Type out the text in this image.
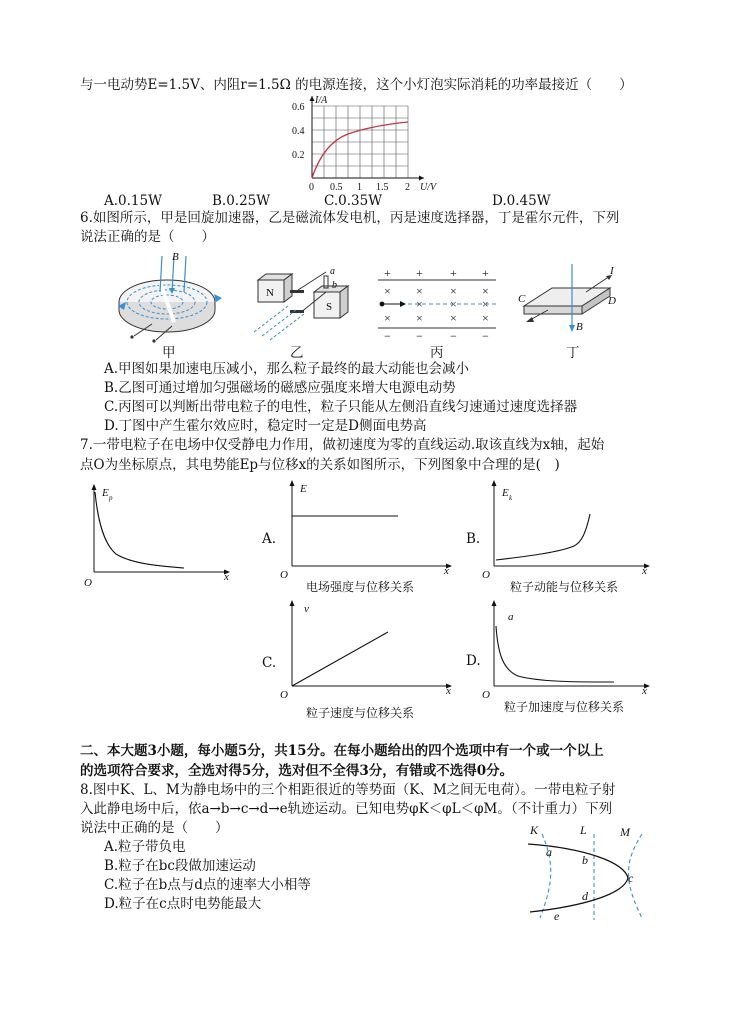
与一电动势E=1.5V、内阻r=1.5Ω 的电源连接，这个小灯泡实际消耗的功率最接近（　　）
I/A
0.6
0.4
0.2
0 0.5 1 1.5 2 U/V
A.0.15W	B.0.25W	C.0.35W	D.0.45W
6.如图所示，甲是回旋加速器，乙是磁流体发电机，丙是速度选择器，丁是霍尔元件，下列
说法正确的是（　　）
B
N
S
a
b
+ + + +
− − − −
× × × ×
× × ×
× × × ×
I
C	D
B
甲	乙	丙	丁
A.甲图如果加速电压减小，那么粒子最终的最大动能也会减小
B.乙图可通过增加匀强磁场的磁感应强度来增大电源电动势
C.丙图可以判断出带电粒子的电性，粒子只能从左侧沿直线匀速通过速度选择器
D.丁图中产生霍尔效应时，稳定时一定是D侧面电势高
7.一带电粒子在电场中仅受静电力作用，做初速度为零的直线运动.取该直线为x轴，起始
点O为坐标原点，其电势能Ep与位移x的关系如图所示，下列图象中合理的是(　)
E p
O	x
A.
E
O	x
电场强度与位移关系
B.
E k
O	x
粒子动能与位移关系
C.
v
O	x
粒子速度与位移关系
D.
a
O	x
粒子加速度与位移关系
二、本大题3小题，每小题5分，共15分。在每小题给出的四个选项中有一个或一个以上
的选项符合要求，全选对得5分，选对但不全得3分，有错或不选得0分。
8.图中K、L、M为静电场中的三个相距很近的等势面（K、M之间无电荷）。一带电粒子射
入此静电场中后，依a→b→c→d→e轨迹运动。已知电势φK＜φL＜φM。（不计重力）下列
说法中正确的是（　　）
A.粒子带负电
B.粒子在bc段做加速运动
C.粒子在b点与d点的速率大小相等
D.粒子在c点时电势能最大
K	L	M
a
b
c
d
e
